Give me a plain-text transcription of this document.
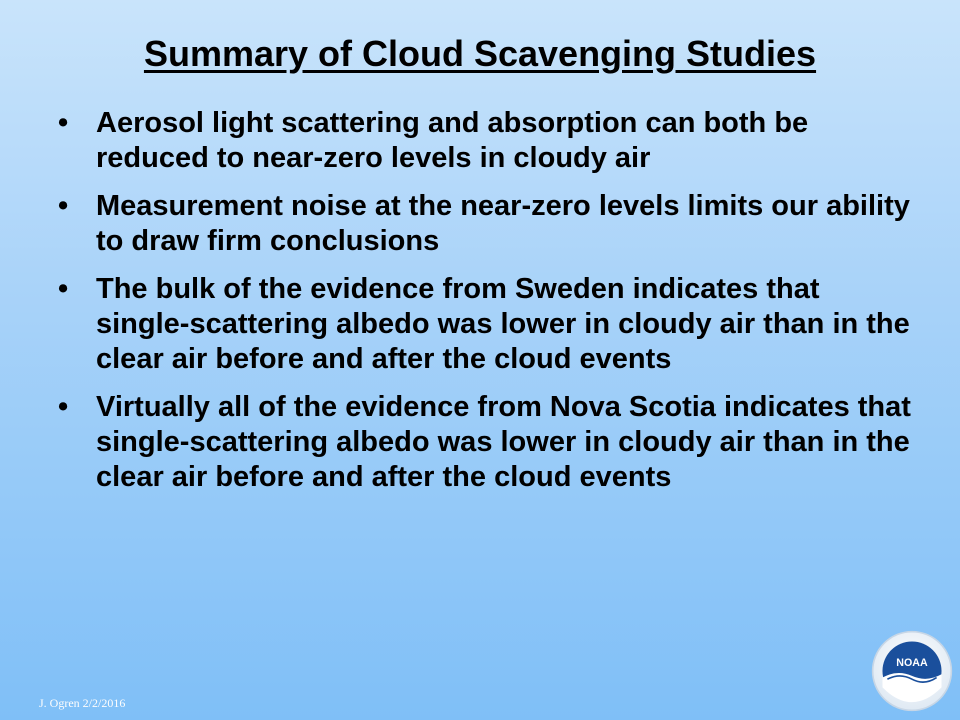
Summary of Cloud Scavenging Studies
• Aerosol light scattering and absorption can both be reduced to near-zero levels in cloudy air
• Measurement noise at the near-zero levels limits our ability to draw firm conclusions
• The bulk of the evidence from Sweden indicates that single-scattering albedo was lower in cloudy air than in the clear air before and after the cloud events
• Virtually all of the evidence from Nova Scotia indicates that single-scattering albedo was lower in cloudy air than in the clear air before and after the cloud events
J. Ogren 2/2/2016
NOAA
